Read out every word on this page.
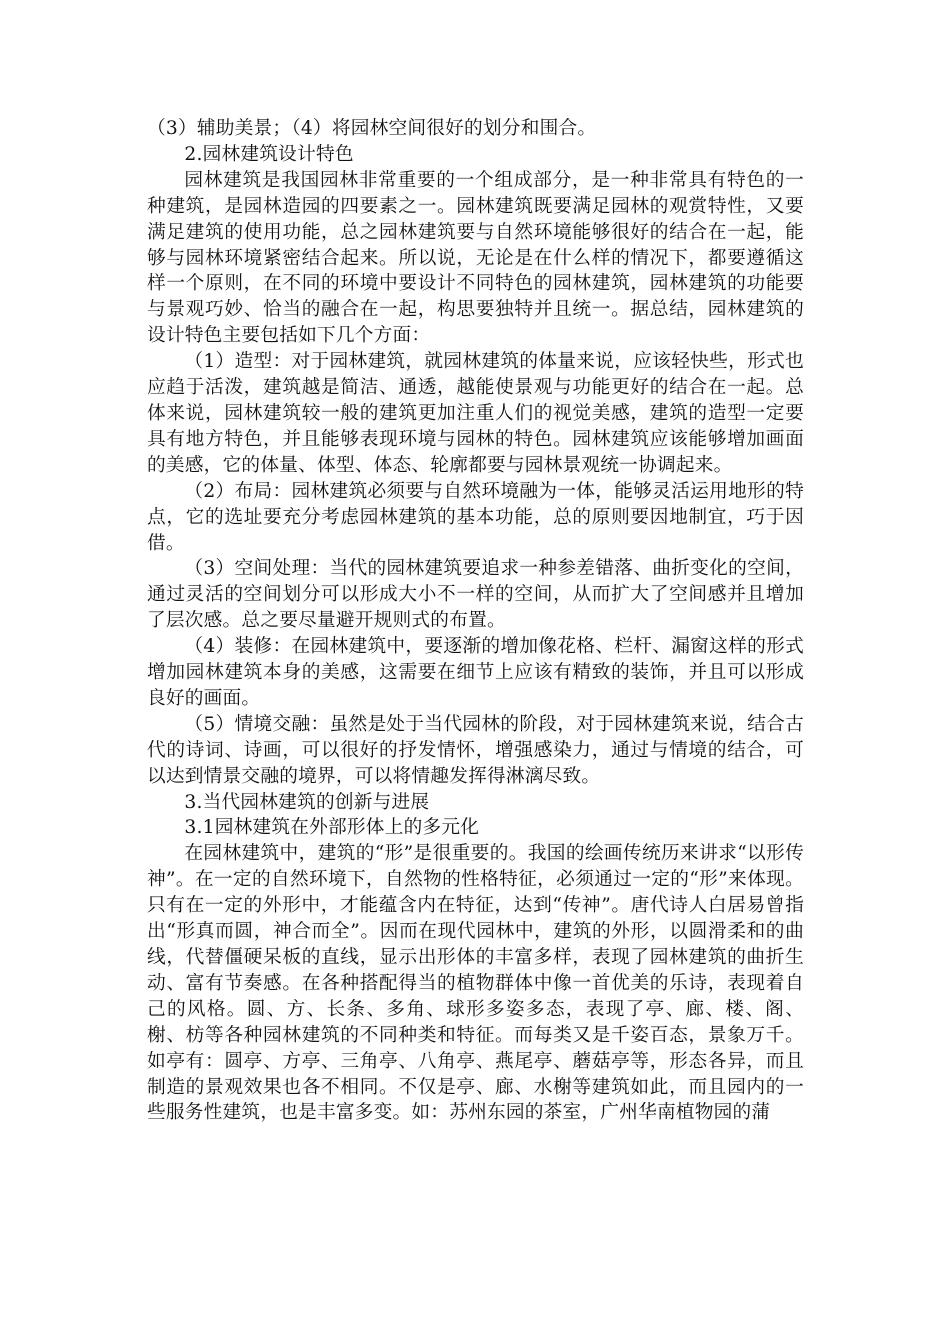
（3）辅助美景；（4）将园林空间很好的划分和围合。

2.园林建筑设计特色

园林建筑是我国园林非常重要的一个组成部分，是一种非常具有特色的一种建筑，是园林造园的四要素之一。园林建筑既要满足园林的观赏特性，又要满足建筑的使用功能，总之园林建筑要与自然环境能够很好的结合在一起，能够与园林环境紧密结合起来。所以说，无论是在什么样的情况下，都要遵循这样一个原则，在不同的环境中要设计不同特色的园林建筑，园林建筑的功能要与景观巧妙、恰当的融合在一起，构思要独特并且统一。据总结，园林建筑的设计特色主要包括如下几个方面：

（1）造型：对于园林建筑，就园林建筑的体量来说，应该轻快些，形式也应趋于活泼，建筑越是简洁、通透，越能使景观与功能更好的结合在一起。总体来说，园林建筑较一般的建筑更加注重人们的视觉美感，建筑的造型一定要具有地方特色，并且能够表现环境与园林的特色。园林建筑应该能够增加画面的美感，它的体量、体型、体态、轮廓都要与园林景观统一协调起来。

（2）布局：园林建筑必须要与自然环境融为一体，能够灵活运用地形的特点，它的选址要充分考虑园林建筑的基本功能，总的原则要因地制宜，巧于因借。

（3）空间处理：当代的园林建筑要追求一种参差错落、曲折变化的空间，通过灵活的空间划分可以形成大小不一样的空间，从而扩大了空间感并且增加了层次感。总之要尽量避开规则式的布置。

（4）装修：在园林建筑中，要逐渐的增加像花格、栏杆、漏窗这样的形式增加园林建筑本身的美感，这需要在细节上应该有精致的装饰，并且可以形成良好的画面。

（5）情境交融：虽然是处于当代园林的阶段，对于园林建筑来说，结合古代的诗词、诗画，可以很好的抒发情怀，增强感染力，通过与情境的结合，可以达到情景交融的境界，可以将情趣发挥得淋漓尽致。

3.当代园林建筑的创新与进展

3.1园林建筑在外部形体上的多元化

在园林建筑中，建筑的“形”是很重要的。我国的绘画传统历来讲求“以形传神”。在一定的自然环境下，自然物的性格特征，必须通过一定的“形”来体现。只有在一定的外形中，才能蕴含内在特征，达到“传神”。唐代诗人白居易曾指出“形真而圆，神合而全”。因而在现代园林中，建筑的外形，以圆滑柔和的曲线，代替僵硬呆板的直线，显示出形体的丰富多样，表现了园林建筑的曲折生动、富有节奏感。在各种搭配得当的植物群体中像一首优美的乐诗，表现着自己的风格。圆、方、长条、多角、球形多姿多态，表现了亭、廊、楼、阁、榭、枋等各种园林建筑的不同种类和特征。而每类又是千姿百态，景象万千。如亭有：圆亭、方亭、三角亭、八角亭、燕尾亭、蘑菇亭等，形态各异，而且制造的景观效果也各不相同。不仅是亭、廊、水榭等建筑如此，而且园内的一些服务性建筑，也是丰富多变。如：苏州东园的茶室，广州华南植物园的蒲
